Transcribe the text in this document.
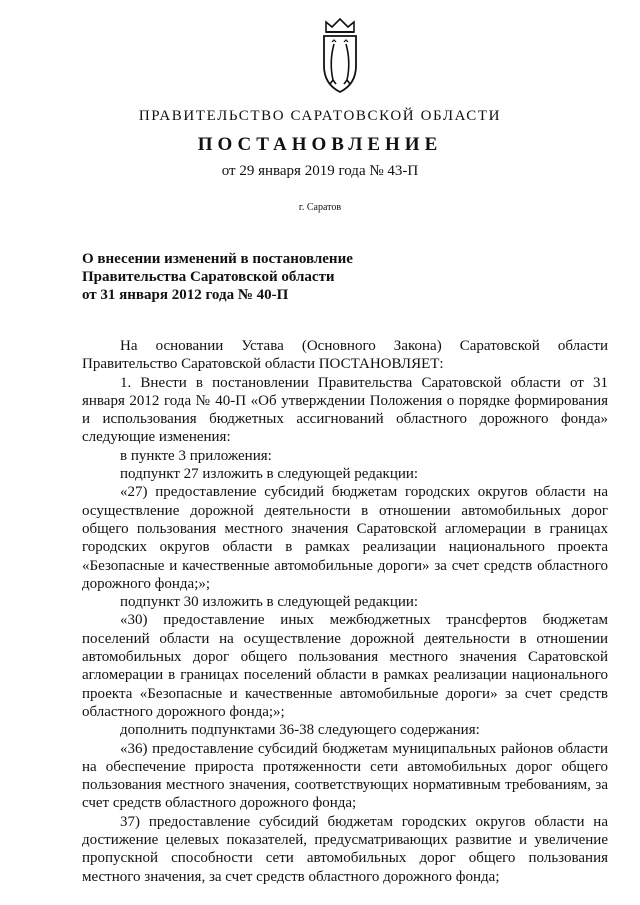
ПРАВИТЕЛЬСТВО САРАТОВСКОЙ ОБЛАСТИ
ПОСТАНОВЛЕНИЕ
от 29 января 2019 года № 43-П
г. Саратов
О внесении изменений в постановление
Правительства Саратовской области
от 31 января 2012 года № 40-П

На основании Устава (Основного Закона) Саратовской области Правительство Саратовской области ПОСТАНОВЛЯЕТ:

1. Внести в постановлении Правительства Саратовской области от 31 января 2012 года № 40-П «Об утверждении Положения о порядке формирования и использования бюджетных ассигнований областного дорожного фонда» следующие изменения:

в пункте 3 приложения:

подпункт 27 изложить в следующей редакции:

«27) предоставление субсидий бюджетам городских округов области на осуществление дорожной деятельности в отношении автомобильных дорог общего пользования местного значения Саратовской агломерации в границах городских округов области в рамках реализации национального проекта «Безопасные и качественные автомобильные дороги» за счет средств областного дорожного фонда;»;

подпункт 30 изложить в следующей редакции:

«30) предоставление иных межбюджетных трансфертов бюджетам поселений области на осуществление дорожной деятельности в отношении автомобильных дорог общего пользования местного значения Саратовской агломерации в границах поселений области в рамках реализации национального проекта «Безопасные и качественные автомобильные дороги» за счет средств областного дорожного фонда;»;

дополнить подпунктами 36-38 следующего содержания:

«36) предоставление субсидий бюджетам муниципальных районов области на обеспечение прироста протяженности сети автомобильных дорог общего пользования местного значения, соответствующих нормативным требованиям, за счет средств областного дорожного фонда;

37) предоставление субсидий бюджетам городских округов области на достижение целевых показателей, предусматривающих развитие и увеличение пропускной способности сети автомобильных дорог общего пользования местного значения, за счет средств областного дорожного фонда;
